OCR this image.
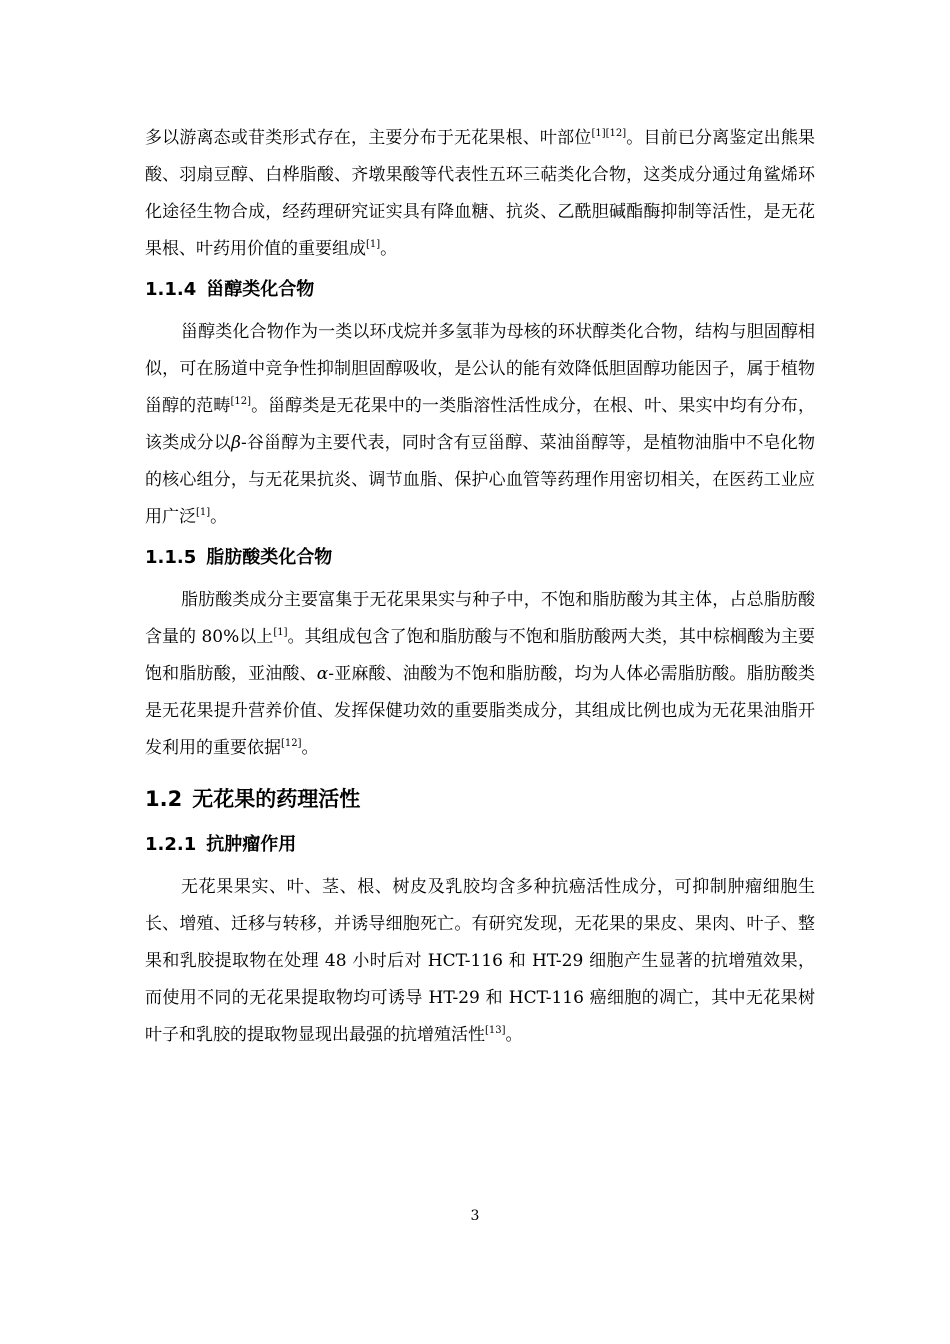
多以游离态或苷类形式存在，主要分布于无花果根、叶部位[1][12]。目前已分离鉴定出熊果酸、羽扇豆醇、白桦脂酸、齐墩果酸等代表性五环三萜类化合物，这类成分通过角鲨烯环化途径生物合成，经药理研究证实具有降血糖、抗炎、乙酰胆碱酯酶抑制等活性，是无花果根、叶药用价值的重要组成[1]。

1.1.4 甾醇类化合物

甾醇类化合物作为一类以环戊烷并多氢菲为母核的环状醇类化合物，结构与胆固醇相似，可在肠道中竞争性抑制胆固醇吸收，是公认的能有效降低胆固醇功能因子，属于植物甾醇的范畴[12]。甾醇类是无花果中的一类脂溶性活性成分，在根、叶、果实中均有分布，该类成分以β-谷甾醇为主要代表，同时含有豆甾醇、菜油甾醇等，是植物油脂中不皂化物的核心组分，与无花果抗炎、调节血脂、保护心血管等药理作用密切相关，在医药工业应用广泛[1]。

1.1.5 脂肪酸类化合物

脂肪酸类成分主要富集于无花果果实与种子中，不饱和脂肪酸为其主体，占总脂肪酸含量的 80%以上[1]。其组成包含了饱和脂肪酸与不饱和脂肪酸两大类，其中棕榈酸为主要饱和脂肪酸，亚油酸、α-亚麻酸、油酸为不饱和脂肪酸，均为人体必需脂肪酸。脂肪酸类是无花果提升营养价值、发挥保健功效的重要脂类成分，其组成比例也成为无花果油脂开发利用的重要依据[12]。

1.2 无花果的药理活性
1.2.1 抗肿瘤作用

无花果果实、叶、茎、根、树皮及乳胶均含多种抗癌活性成分，可抑制肿瘤细胞生长、增殖、迁移与转移，并诱导细胞死亡。有研究发现，无花果的果皮、果肉、叶子、整果和乳胶提取物在处理 48 小时后对 HCT-116 和 HT-29 细胞产生显著的抗增殖效果，而使用不同的无花果提取物均可诱导 HT-29 和 HCT-116 癌细胞的凋亡，其中无花果树叶子和乳胶的提取物显现出最强的抗增殖活性[13]。

3
